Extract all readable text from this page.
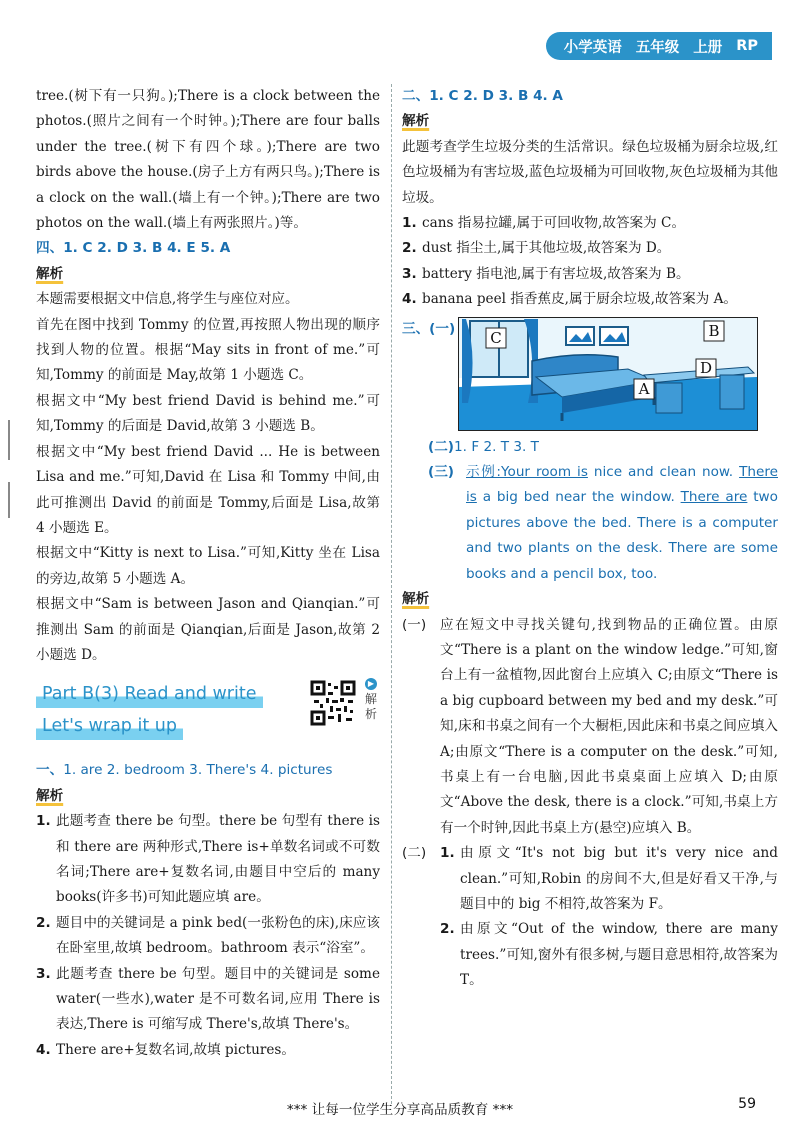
小学英语 五年级 上册 RP

tree.(树下有一只狗。);There is a clock between the photos.(照片之间有一个时钟。);There are four balls under the tree.(树下有四个球。);There are two birds above the house.(房子上方有两只鸟。);There is a clock on the wall.(墙上有一个钟。);There are two photos on the wall.(墙上有两张照片。)等。

四、1. C 2. D 3. B 4. E 5. A
解析

本题需要根据文中信息,将学生与座位对应。

首先在图中找到 Tommy 的位置,再按照人物出现的顺序找到人物的位置。根据“May sits in front of me.”可知,Tommy 的前面是 May,故第 1 小题选 C。

根据文中“My best friend David is behind me.”可知,Tommy 的后面是 David,故第 3 小题选 B。

根据文中“My best friend David ... He is between Lisa and me.”可知,David 在 Lisa 和 Tommy 中间,由此可推测出 David 的前面是 Tommy,后面是 Lisa,故第 4 小题选 E。

根据文中“Kitty is next to Lisa.”可知,Kitty 坐在 Lisa 的旁边,故第 5 小题选 A。

根据文中“Sam is between Jason and Qianqian.”可推测出 Sam 的前面是 Qianqian,后面是 Jason,故第 2 小题选 D。

Part B(3) Read and write
Let's wrap it up
▶
解析
一、1. are 2. bedroom 3. There's 4. pictures
解析
1. 此题考查 there be 句型。there be 句型有 there is 和 there are 两种形式,There is+单数名词或不可数名词;There are+复数名词,由题目中空后的 many books(许多书)可知此题应填 are。
2. 题目中的关键词是 a pink bed(一张粉色的床),床应该在卧室里,故填 bedroom。bathroom 表示“浴室”。
3. 此题考查 there be 句型。题目中的关键词是 some water(一些水),water 是不可数名词,应用 There is 表达,There is 可缩写成 There's,故填 There's。
4. There are+复数名词,故填 pictures。
二、1. C 2. D 3. B 4. A
解析

此题考查学生垃圾分类的生活常识。绿色垃圾桶为厨余垃圾,红色垃圾桶为有害垃圾,蓝色垃圾桶为可回收物,灰色垃圾桶为其他垃圾。

1. cans 指易拉罐,属于可回收物,故答案为 C。
2. dust 指尘土,属于其他垃圾,故答案为 D。
3. battery 指电池,属于有害垃圾,故答案为 B。
4. banana peel 指香蕉皮,属于厨余垃圾,故答案为 A。
三、(一) C	B
D
A
(二)1. F 2. T 3. T
(三) 示例:Your room is nice and clean now. There is a big bed near the window. There are two pictures above the bed. There is a computer and two plants on the desk. There are some books and a pencil box, too.
解析
(一)	应在短文中寻找关键句,找到物品的正确位置。由原文“There is a plant on the window ledge.”可知,窗台上有一盆植物,因此窗台上应填入 C;由原文“There is a big cupboard between my bed and my desk.”可知,床和书桌之间有一个大橱柜,因此床和书桌之间应填入 A;由原文“There is a computer on the desk.”可知,书桌上有一台电脑,因此书桌桌面上应填入 D;由原文“Above the desk, there is a clock.”可知,书桌上方有一个时钟,因此书桌上方(悬空)应填入 B。
(二)	1. 由原文“It's not big but it's very nice and clean.”可知,Robin 的房间不大,但是好看又干净,与题目中的 big 不相符,故答案为 F。
2. 由原文“Out of the window, there are many trees.”可知,窗外有很多树,与题目意思相符,故答案为 T。
*** 让每一位学生分享高品质教育 ***	59
